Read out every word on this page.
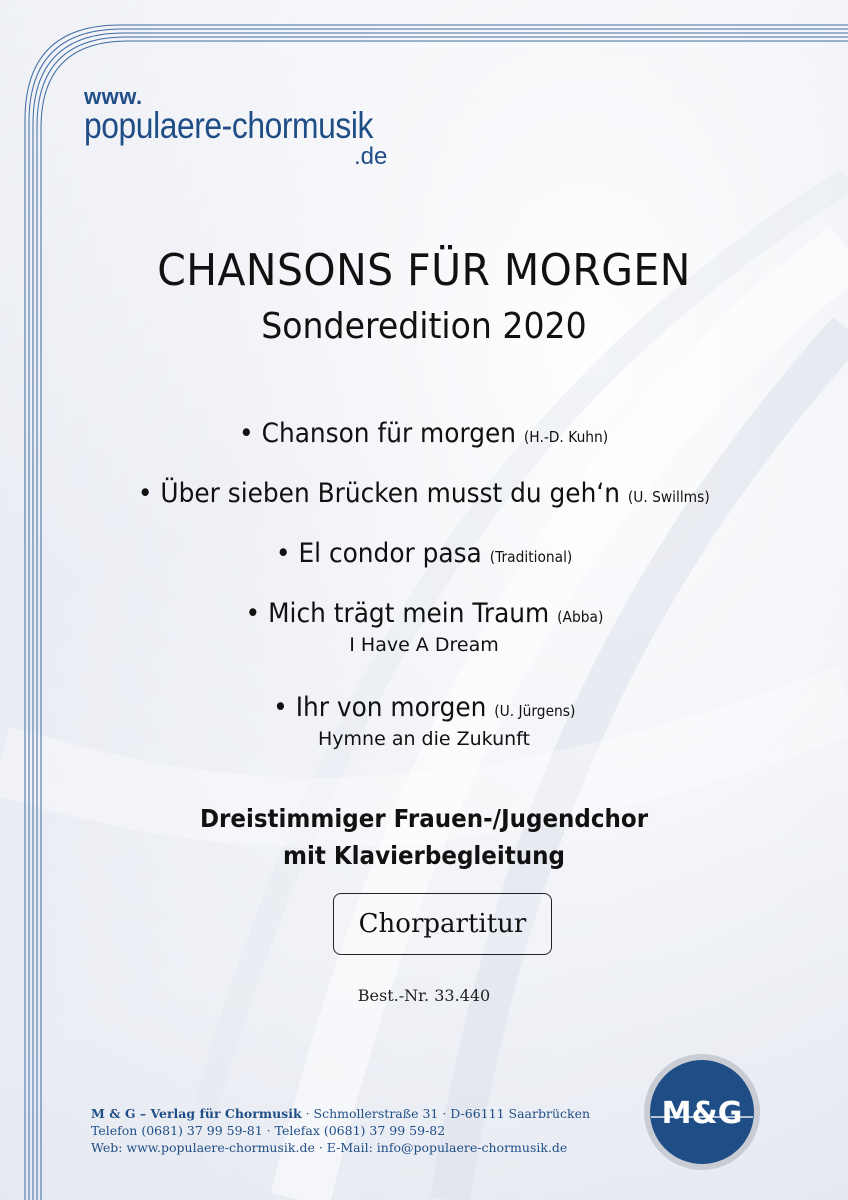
www.
populaere-chormusik
.de
CHANSONS FÜR MORGEN
Sonderedition 2020
• Chanson für morgen (H.-D. Kuhn)
• Über sieben Brücken musst du geh‘n (U. Swillms)
• El condor pasa (Traditional)
• Mich trägt mein Traum (Abba)
I Have A Dream
• Ihr von morgen (U. Jürgens)
Hymne an die Zukunft
Dreistimmiger Frauen-/Jugendchor
mit Klavierbegleitung
Chorpartitur
Best.-Nr. 33.440
M & G – Verlag für Chormusik · Schmollerstraße 31 · D-66111 Saarbrücken
Telefon (0681) 37 99 59-81 · Telefax (0681) 37 99 59-82
Web: www.populaere-chormusik.de · E-Mail: info@populaere-chormusik.de
M&G
